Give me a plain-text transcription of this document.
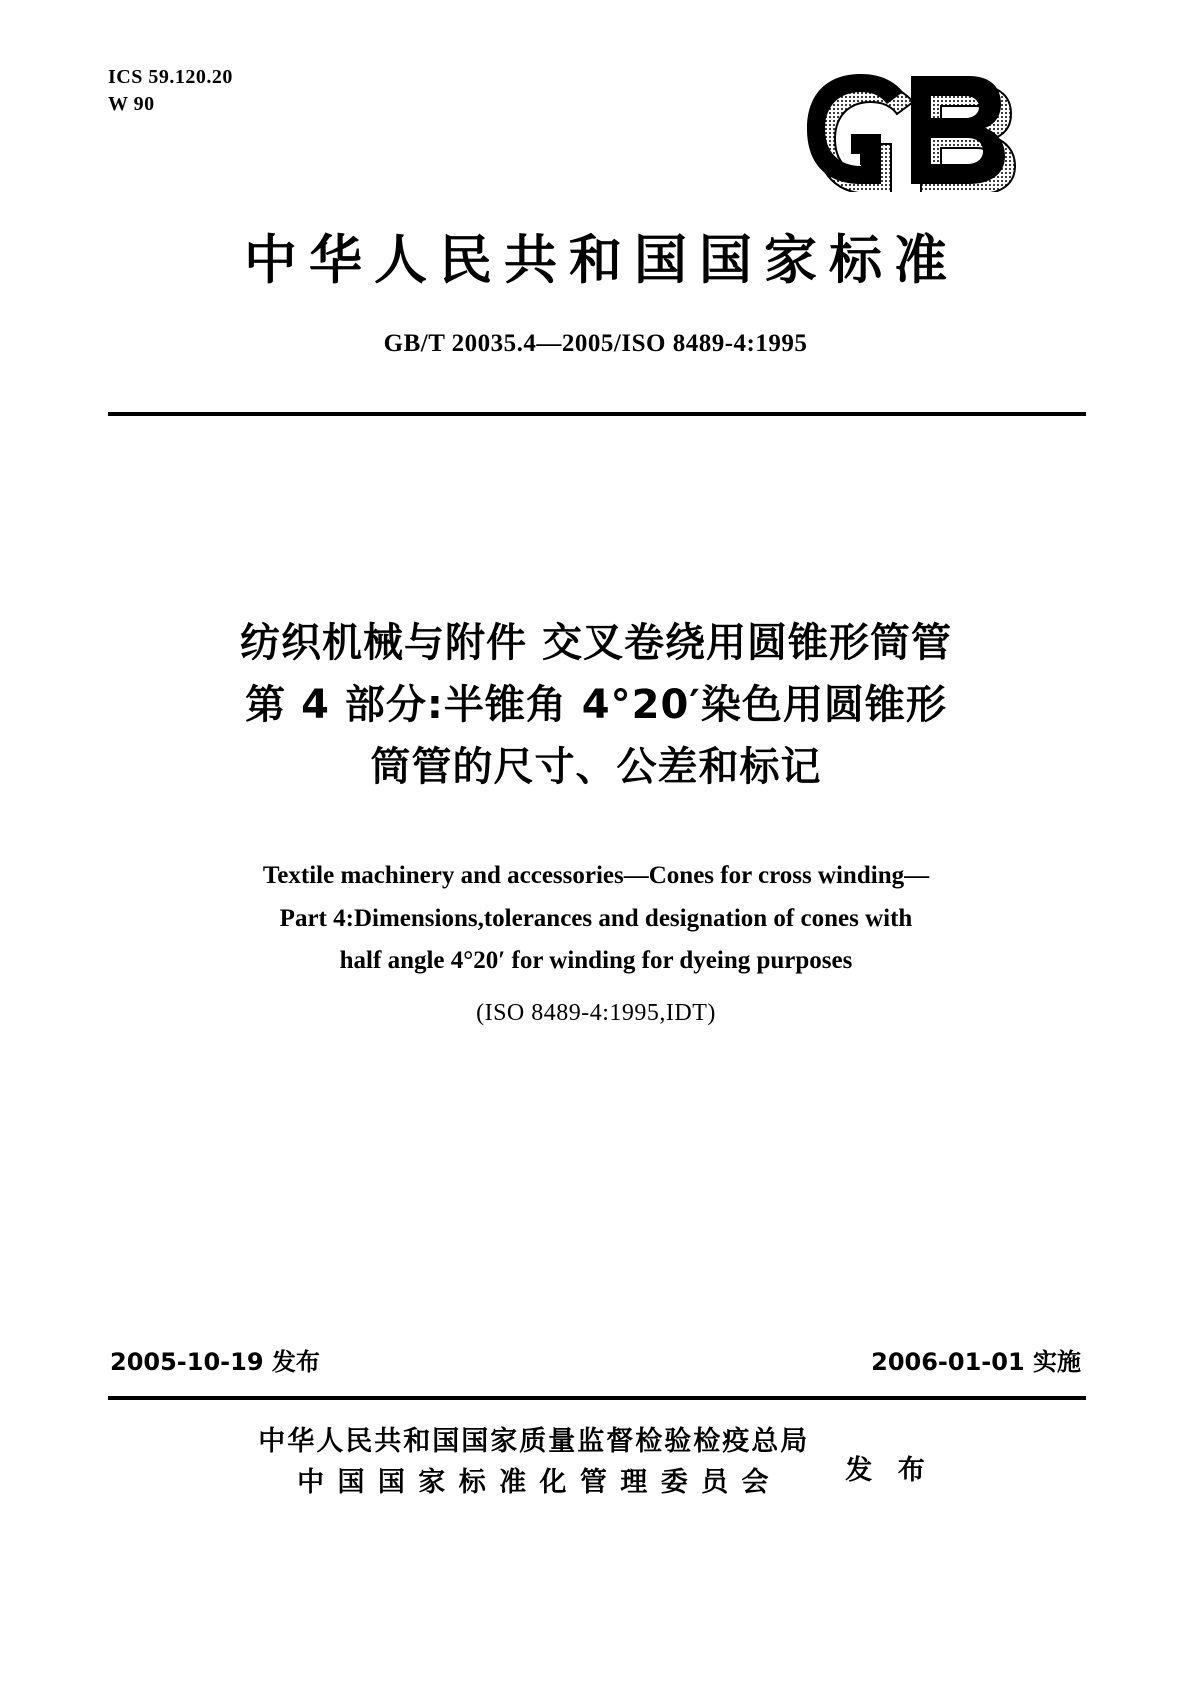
ICS 59.120.20
W 90
中华人民共和国国家标准
GB/T 20035.4—2005/ISO 8489-4:1995
纺织机械与附件 交叉卷绕用圆锥形筒管
第 4 部分:半锥角 4°20′染色用圆锥形
筒管的尺寸、公差和标记
Textile machinery and accessories—Cones for cross winding—
Part 4:Dimensions,tolerances and designation of cones with
half angle 4°20′ for winding for dyeing purposes
(ISO 8489-4:1995,IDT)
2005-10-19 发布	2006-01-01 实施
中华人民共和国国家质量监督检验检疫总局
中 国 国 家 标 准 化 管 理 委 员 会	发 布
